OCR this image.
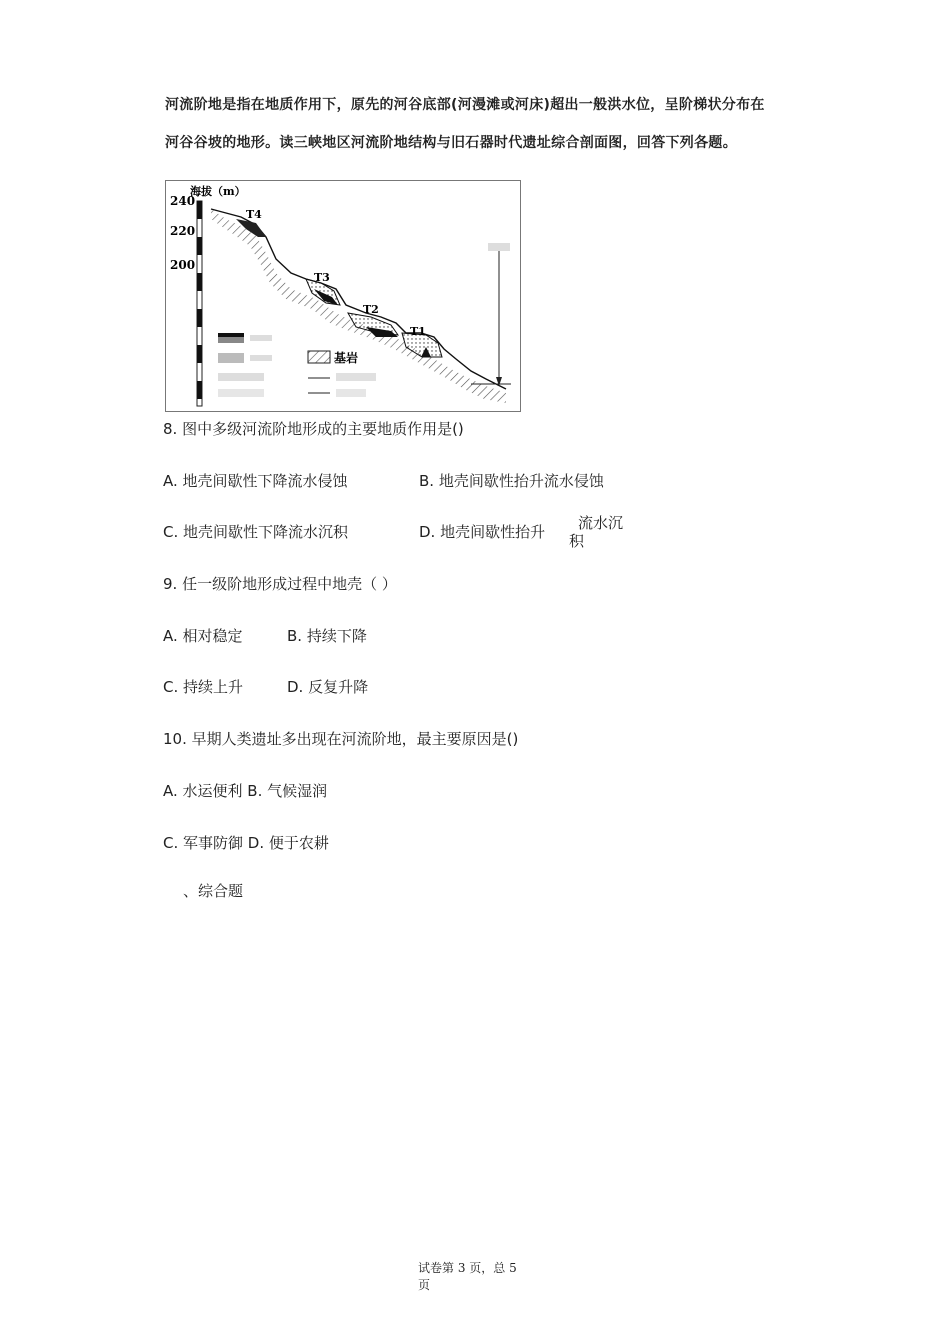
河流阶地是指在地质作用下，原先的河谷底部(河漫滩或河床)超出一般洪水位，呈阶梯状分布在
河谷谷坡的地形。读三峡地区河流阶地结构与旧石器时代遗址综合剖面图，回答下列各题。
海拔（m）
240
220
200
T4
T3
T2
T1
基岩
8. 图中多级河流阶地形成的主要地质作用是()
A. 地壳间歇性下降流水侵蚀	B. 地壳间歇性抬升流水侵蚀
C. 地壳间歇性下降流水沉积	D. 地壳间歇性抬升 流水沉
积
9. 任一级阶地形成过程中地壳（ ）
A. 相对稳定	B. 持续下降
C. 持续上升	D. 反复升降
10. 早期人类遗址多出现在河流阶地，最主要原因是()
A. 水运便利 B. 气候湿润
C. 军事防御 D. 便于农耕
、综合题
试卷第 3 页，总 5
页
